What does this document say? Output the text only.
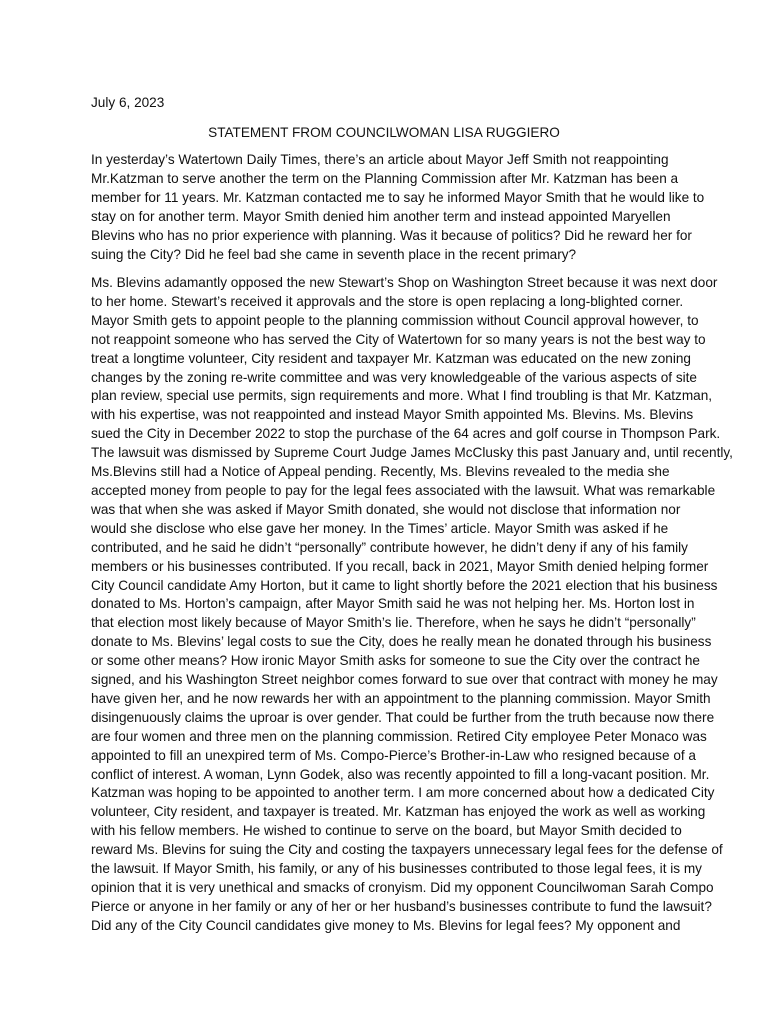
July 6, 2023
STATEMENT FROM COUNCILWOMAN LISA RUGGIERO
In yesterday’s Watertown Daily Times, there’s an article about Mayor Jeff Smith not reappointing
Mr.Katzman to serve another the term on the Planning Commission after Mr. Katzman has been a
member for 11 years. Mr. Katzman contacted me to say he informed Mayor Smith that he would like to
stay on for another term. Mayor Smith denied him another term and instead appointed Maryellen
Blevins who has no prior experience with planning. Was it because of politics? Did he reward her for
suing the City? Did he feel bad she came in seventh place in the recent primary?
Ms. Blevins adamantly opposed the new Stewart’s Shop on Washington Street because it was next door
to her home. Stewart’s received it approvals and the store is open replacing a long-blighted corner.
Mayor Smith gets to appoint people to the planning commission without Council approval however, to
not reappoint someone who has served the City of Watertown for so many years is not the best way to
treat a longtime volunteer, City resident and taxpayer Mr. Katzman was educated on the new zoning
changes by the zoning re-write committee and was very knowledgeable of the various aspects of site
plan review, special use permits, sign requirements and more. What I find troubling is that Mr. Katzman,
with his expertise, was not reappointed and instead Mayor Smith appointed Ms. Blevins. Ms. Blevins
sued the City in December 2022 to stop the purchase of the 64 acres and golf course in Thompson Park.
The lawsuit was dismissed by Supreme Court Judge James McClusky this past January and, until recently,
Ms.Blevins still had a Notice of Appeal pending. Recently, Ms. Blevins revealed to the media she
accepted money from people to pay for the legal fees associated with the lawsuit. What was remarkable
was that when she was asked if Mayor Smith donated, she would not disclose that information nor
would she disclose who else gave her money. In the Times’ article. Mayor Smith was asked if he
contributed, and he said he didn’t “personally” contribute however, he didn’t deny if any of his family
members or his businesses contributed. If you recall, back in 2021, Mayor Smith denied helping former
City Council candidate Amy Horton, but it came to light shortly before the 2021 election that his business
donated to Ms. Horton’s campaign, after Mayor Smith said he was not helping her. Ms. Horton lost in
that election most likely because of Mayor Smith’s lie. Therefore, when he says he didn’t “personally”
donate to Ms. Blevins’ legal costs to sue the City, does he really mean he donated through his business
or some other means? How ironic Mayor Smith asks for someone to sue the City over the contract he
signed, and his Washington Street neighbor comes forward to sue over that contract with money he may
have given her, and he now rewards her with an appointment to the planning commission. Mayor Smith
disingenuously claims the uproar is over gender. That could be further from the truth because now there
are four women and three men on the planning commission. Retired City employee Peter Monaco was
appointed to fill an unexpired term of Ms. Compo-Pierce’s Brother-in-Law who resigned because of a
conflict of interest. A woman, Lynn Godek, also was recently appointed to fill a long-vacant position. Mr.
Katzman was hoping to be appointed to another term. I am more concerned about how a dedicated City
volunteer, City resident, and taxpayer is treated. Mr. Katzman has enjoyed the work as well as working
with his fellow members. He wished to continue to serve on the board, but Mayor Smith decided to
reward Ms. Blevins for suing the City and costing the taxpayers unnecessary legal fees for the defense of
the lawsuit. If Mayor Smith, his family, or any of his businesses contributed to those legal fees, it is my
opinion that it is very unethical and smacks of cronyism. Did my opponent Councilwoman Sarah Compo
Pierce or anyone in her family or any of her or her husband’s businesses contribute to fund the lawsuit?
Did any of the City Council candidates give money to Ms. Blevins for legal fees? My opponent and
